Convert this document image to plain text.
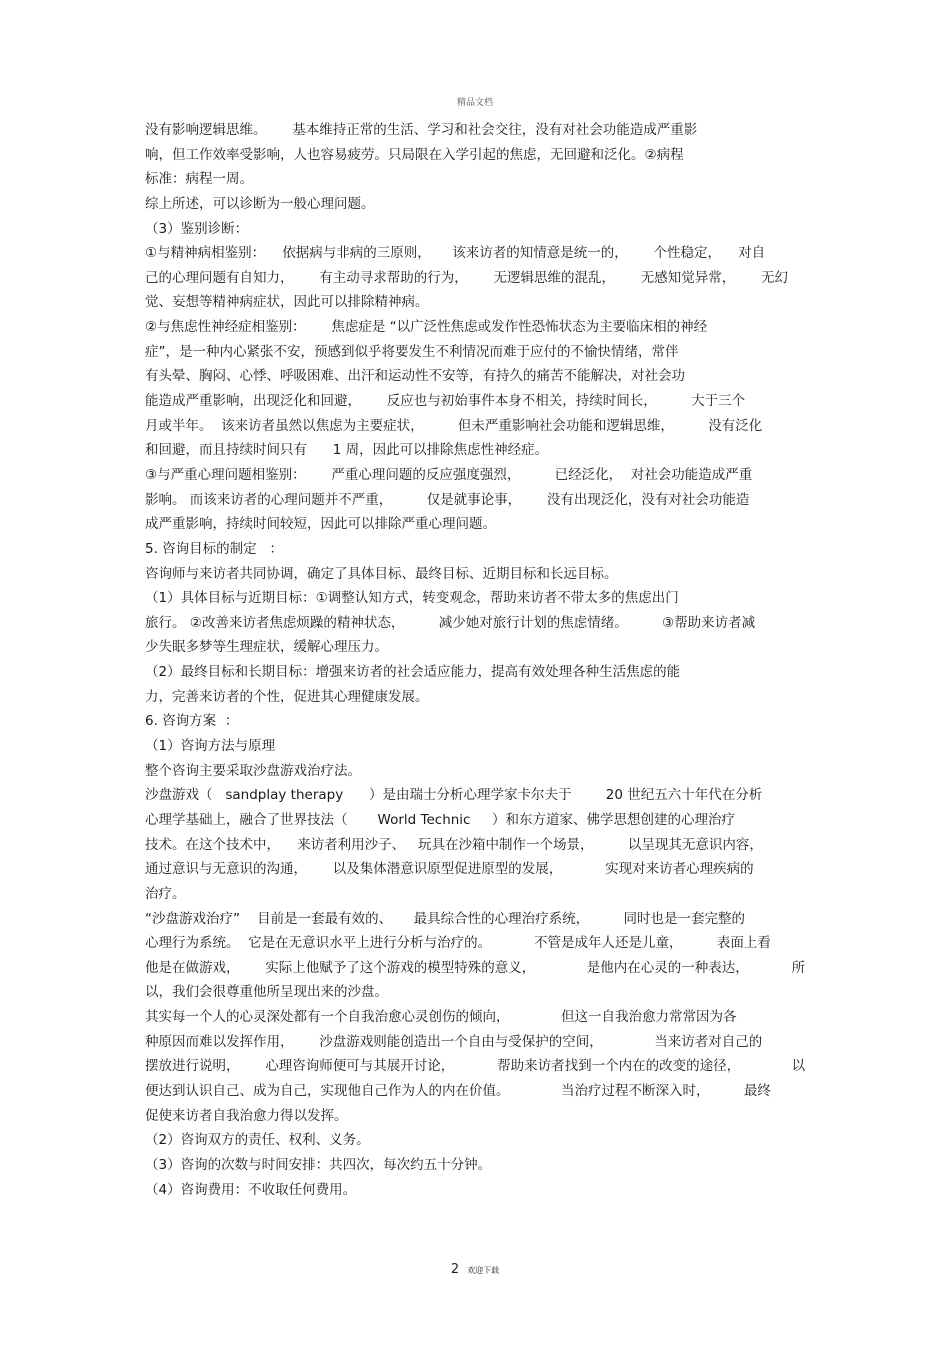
精品文档
没有影响逻辑思维。      基本维持正常的生活、学习和社会交往，没有对社会功能造成严重影
响，但工作效率受影响，人也容易疲劳。只局限在入学引起的焦虑，无回避和泛化。②病程
标准：病程一周。
综上所述，可以诊断为一般心理问题。
（3）鉴别诊断：
①与精神病相鉴别：    依据病与非病的三原则，     该来访者的知情意是统一的，      个性稳定，    对自
己的心理问题有自知力，      有主动寻求帮助的行为，      无逻辑思维的混乱，      无感知觉异常，      无幻
觉、妄想等精神病症状，因此可以排除精神病。
②与焦虑性神经症相鉴别：      焦虑症是 “以广泛性焦虑或发作性恐怖状态为主要临床相的神经
症”，是一种内心紧张不安，预感到似乎将要发生不利情况而难于应付的不愉快情绪，常伴
有头晕、胸闷、心悸、呼吸困难、出汗和运动性不安等，有持久的痛苦不能解决，对社会功
能造成严重影响，出现泛化和回避，      反应也与初始事件本身不相关，持续时间长，        大于三个
月或半年。  该来访者虽然以焦虑为主要症状，        但未严重影响社会功能和逻辑思维，        没有泛化
和回避，而且持续时间只有      1 周，因此可以排除焦虑性神经症。
③与严重心理问题相鉴别：      严重心理问题的反应强度强烈，        已经泛化，  对社会功能造成严重
影响。 而该来访者的心理问题并不严重，        仅是就事论事，      没有出现泛化，没有对社会功能造
成严重影响，持续时间较短，因此可以排除严重心理问题。
5. 咨询目标的制定   ：
咨询师与来访者共同协调，确定了具体目标、最终目标、近期目标和长远目标。
（1）具体目标与近期目标：①调整认知方式，转变观念，帮助来访者不带太多的焦虑出门
旅行。 ②改善来访者焦虑烦躁的精神状态，        减少她对旅行计划的焦虑情绪。        ③帮助来访者减
少失眠多梦等生理症状，缓解心理压力。
（2）最终目标和长期目标：增强来访者的社会适应能力，提高有效处理各种生活焦虑的能
力，完善来访者的个性，促进其心理健康发展。
6. 咨询方案  ：
（1）咨询方法与原理
整个咨询主要采取沙盘游戏治疗法。
沙盘游戏（   sandplay therapy      ）是由瑞士分析心理学家卡尔夫于        20 世纪五六十年代在分析
心理学基础上，融合了世界技法（       World Technic     ）和东方道家、佛学思想创建的心理治疗
技术。在这个技术中，    来访者利用沙子、   玩具在沙箱中制作一个场景，        以呈现其无意识内容，
通过意识与无意识的沟通，      以及集体潜意识原型促进原型的发展，          实现对来访者心理疾病的
治疗。
“沙盘游戏治疗”    目前是一套最有效的、     最具综合性的心理治疗系统，        同时也是一套完整的
心理行为系统。  它是在无意识水平上进行分析与治疗的。          不管是成年人还是儿童，        表面上看
他是在做游戏，      实际上他赋予了这个游戏的模型特殊的意义，            是他内在心灵的一种表达，          所
以，我们会很尊重他所呈现出来的沙盘。
其实每一个人的心灵深处都有一个自我治愈心灵创伤的倾向，            但这一自我治愈力常常因为各
种原因而难以发挥作用，      沙盘游戏则能创造出一个自由与受保护的空间，            当来访者对自己的
摆放进行说明，      心理咨询师便可与其展开讨论，          帮助来访者找到一个内在的改变的途径，            以
便达到认识自己、成为自己，实现他自己作为人的内在价值。            当治疗过程不断深入时，        最终
促使来访者自我治愈力得以发挥。
（2）咨询双方的责任、权利、义务。
（3）咨询的次数与时间安排：共四次，每次约五十分钟。
（4）咨询费用：不收取任何费用。
2 欢迎下载
